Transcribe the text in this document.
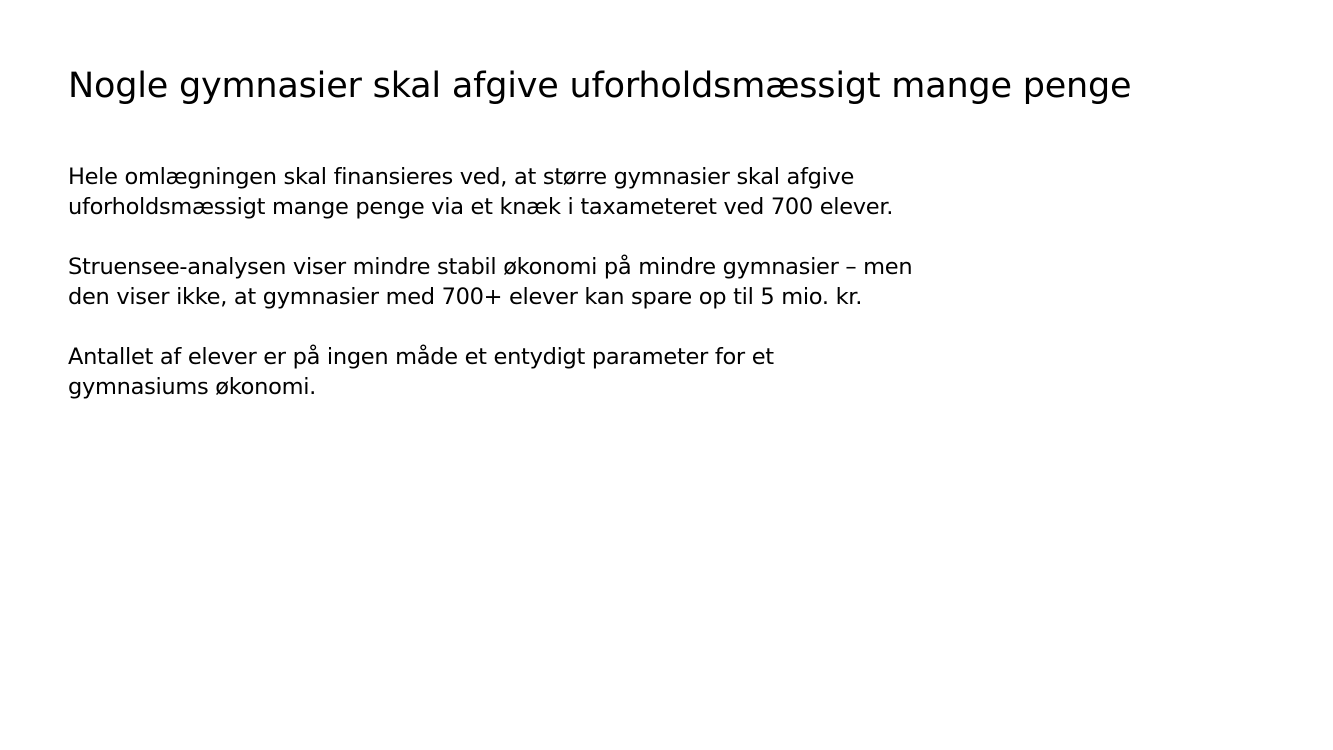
Nogle gymnasier skal afgive uforholdsmæssigt mange penge

Hele omlægningen skal finansieres ved, at større gymnasier skal afgive
uforholdsmæssigt mange penge via et knæk i taxameteret ved 700 elever.

Struensee-analysen viser mindre stabil økonomi på mindre gymnasier – men
den viser ikke, at gymnasier med 700+ elever kan spare op til 5 mio. kr.

Antallet af elever er på ingen måde et entydigt parameter for et
gymnasiums økonomi.
